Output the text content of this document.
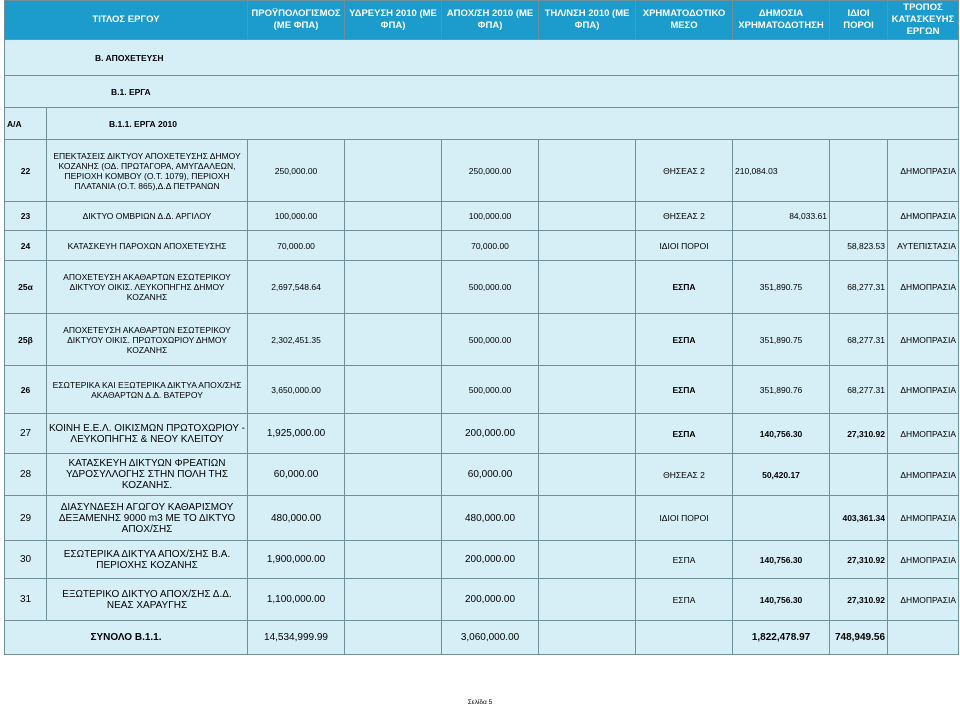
ΤΙΤΛΟΣ ΕΡΓΟΥ		ΠΡΟΫΠΟΛΟΓΙΣΜΟΣ (ΜΕ ΦΠΑ)	ΥΔΡΕΥΣΗ 2010 (ΜΕ ΦΠΑ)	ΑΠΟΧ/ΣΗ 2010 (ΜΕ ΦΠΑ)	ΤΗΛ/ΝΣΗ 2010 (ΜΕ ΦΠΑ)	ΧΡΗΜΑΤΟΔΟΤΙΚΟ ΜΕΣΟ	ΔΗΜΟΣΙΑ ΧΡΗΜΑΤΟΔΟΤΗΣΗ	ΙΔΙΟΙ ΠΟΡΟΙ	ΤΡΟΠΟΣ ΚΑΤΑΣΚΕΥΗΣ ΕΡΓΩΝ
Β. ΑΠΟΧΕΤΕΥΣΗ									
Β.1. ΕΡΓΑ									
Α/Α	Β.1.1. ΕΡΓΑ 2010								
22	ΕΠΕΚΤΑΣΕΙΣ ΔΙΚΤΥΟΥ ΑΠΟΧΕΤΕΥΣΗΣ ΔΗΜΟΥ ΚΟΖΑΝΗΣ (ΟΔ. ΠΡΩΤΑΓΟΡΑ, ΑΜΥΓΔΑΛΕΩΝ, ΠΕΡΙΟΧΗ ΚΟΜΒΟΥ (Ο.Τ. 1079), ΠΕΡΙΟΧΗ ΠΛΑΤΑΝΙΑ (Ο.Τ. 865),Δ.Δ ΠΕΤΡΑΝΩΝ	250,000.00		250,000.00		ΘΗΣΕΑΣ 2	210,084.03		ΔΗΜΟΠΡΑΣΙΑ
23	ΔΙΚΤΥΟ ΟΜΒΡΙΩΝ Δ.Δ. ΑΡΓΙΛΟΥ	100,000.00		100,000.00		ΘΗΣΕΑΣ 2	84,033.61		ΔΗΜΟΠΡΑΣΙΑ
24	ΚΑΤΑΣΚΕΥΗ ΠΑΡΟΧΩΝ ΑΠΟΧΕΤΕΥΣΗΣ	70,000.00		70,000.00		ΙΔΙΟΙ ΠΟΡΟΙ		58,823.53	ΑΥΤΕΠΙΣΤΑΣΙΑ
25α	ΑΠΟΧΕΤΕΥΣΗ ΑΚΑΘΑΡΤΩΝ ΕΣΩΤΕΡΙΚΟΥ ΔΙΚΤΥΟΥ ΟΙΚΙΣ. ΛΕΥΚΟΠΗΓΗΣ ΔΗΜΟΥ ΚΟΖΑΝΗΣ	2,697,548.64		500,000.00		ΕΣΠΑ	351,890.75	68,277.31	ΔΗΜΟΠΡΑΣΙΑ
25β	ΑΠΟΧΕΤΕΥΣΗ ΑΚΑΘΑΡΤΩΝ ΕΣΩΤΕΡΙΚΟΥ ΔΙΚΤΥΟΥ ΟΙΚΙΣ. ΠΡΩΤΟΧΩΡΙΟΥ ΔΗΜΟΥ ΚΟΖΑΝΗΣ	2,302,451.35		500,000.00		ΕΣΠΑ	351,890.75	68,277.31	ΔΗΜΟΠΡΑΣΙΑ
26	ΕΣΩΤΕΡΙΚΑ ΚΑΙ ΕΞΩΤΕΡΙΚΑ ΔΙΚΤΥΑ ΑΠΟΧ/ΣΗΣ ΑΚΑΘΑΡΤΩΝ Δ.Δ. ΒΑΤΕΡΟΥ	3,650,000.00		500,000.00		ΕΣΠΑ	351,890.76	68,277.31	ΔΗΜΟΠΡΑΣΙΑ
27	ΚΟΙΝΗ Ε.Ε.Λ. ΟΙΚΙΣΜΩΝ ΠΡΩΤΟΧΩΡΙΟΥ - ΛΕΥΚΟΠΗΓΗΣ & ΝΕΟΥ ΚΛΕΙΤΟΥ	1,925,000.00		200,000.00		ΕΣΠΑ	140,756.30	27,310.92	ΔΗΜΟΠΡΑΣΙΑ
28	ΚΑΤΑΣΚΕΥΗ ΔΙΚΤΥΩΝ ΦΡΕΑΤΙΩΝ ΥΔΡΟΣΥΛΛΟΓΗΣ ΣΤΗΝ ΠΟΛΗ ΤΗΣ ΚΟΖΑΝΗΣ.	60,000.00		60,000.00		ΘΗΣΕΑΣ 2	50,420.17		ΔΗΜΟΠΡΑΣΙΑ
29	ΔΙΑΣΥΝΔΕΣΗ ΑΓΩΓΟΥ ΚΑΘΑΡΙΣΜΟΥ ΔΕΞΑΜΕΝΗΣ 9000 m3 ΜΕ ΤΟ ΔΙΚΤΥΟ ΑΠΟΧ/ΣΗΣ	480,000.00		480,000.00		ΙΔΙΟΙ ΠΟΡΟΙ		403,361.34	ΔΗΜΟΠΡΑΣΙΑ
30	ΕΣΩΤΕΡΙΚΑ ΔΙΚΤΥΑ ΑΠΟΧ/ΣΗΣ Β.Α. ΠΕΡΙΟΧΗΣ ΚΟΖΑΝΗΣ	1,900,000.00		200,000.00		ΕΣΠΑ	140,756.30	27,310.92	ΔΗΜΟΠΡΑΣΙΑ
31	ΕΞΩΤΕΡΙΚΟ ΔΙΚΤΥΟ ΑΠΟΧ/ΣΗΣ Δ.Δ. ΝΕΑΣ ΧΑΡΑΥΓΗΣ	1,100,000.00		200,000.00		ΕΣΠΑ	140,756.30	27,310.92	ΔΗΜΟΠΡΑΣΙΑ
ΣΥΝΟΛΟ Β.1.1.		14,534,999.99		3,060,000.00			1,822,478.97	748,949.56	
Σελίδα 5
